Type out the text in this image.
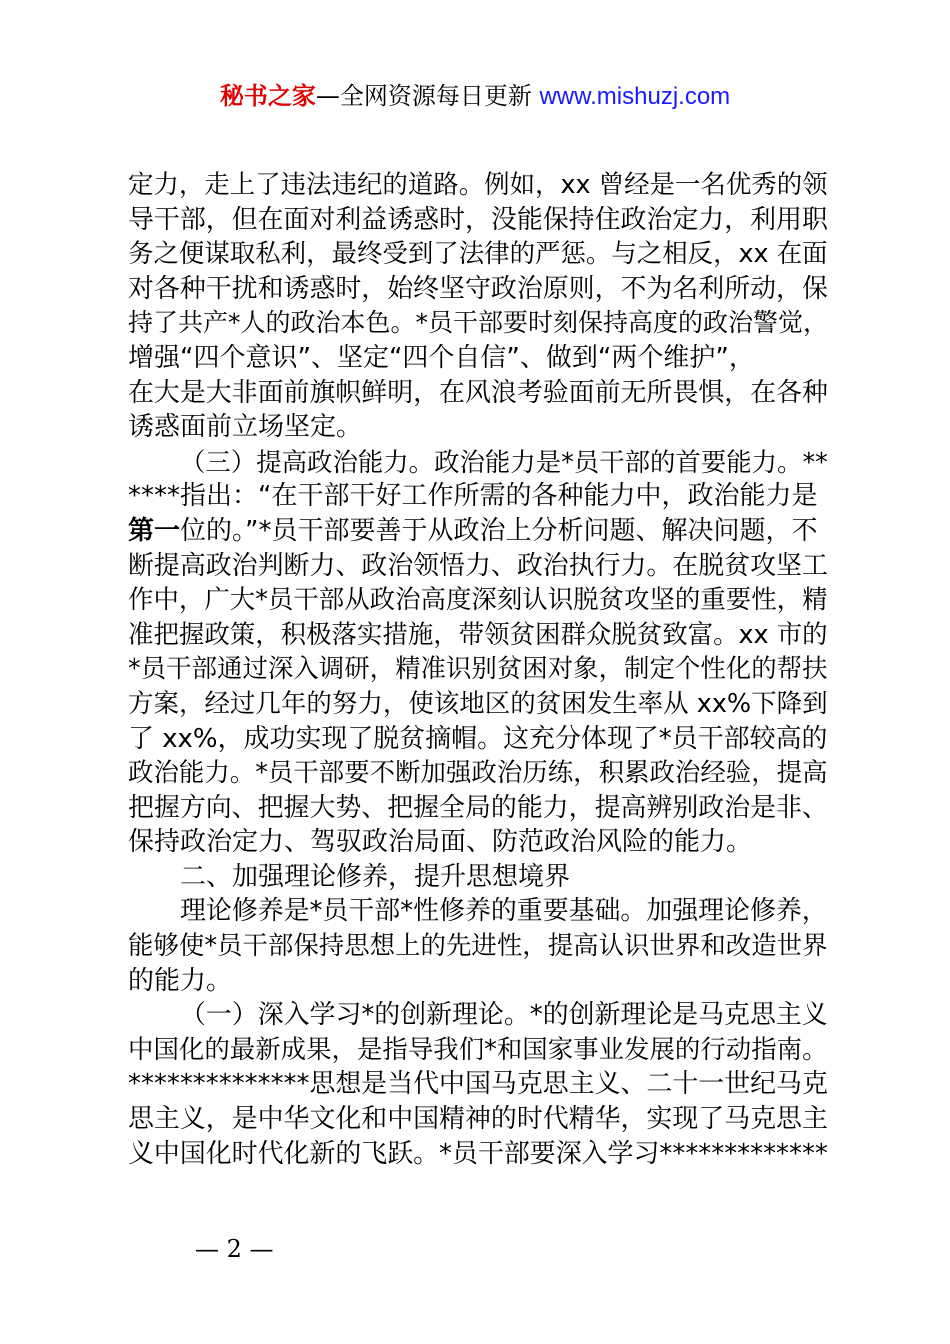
秘书之家—全网资源每日更新 www.mishuzj.com
定力，走上了违法违纪的道路。例如，xx 曾经是一名优秀的领
导干部，但在面对利益诱惑时，没能保持住政治定力，利用职
务之便谋取私利，最终受到了法律的严惩。与之相反，xx 在面
对各种干扰和诱惑时，始终坚守政治原则，不为名利所动，保
持了共产*人的政治本色。*员干部要时刻保持高度的政治警觉，
增强“四个意识”、坚定“四个自信”、做到“两个维护”，
在大是大非面前旗帜鲜明，在风浪考验面前无所畏惧，在各种
诱惑面前立场坚定。
（三）提高政治能力。政治能力是*员干部的首要能力。**
****指出：“在干部干好工作所需的各种能力中，政治能力是
第一位的。”*员干部要善于从政治上分析问题、解决问题，不
断提高政治判断力、政治领悟力、政治执行力。在脱贫攻坚工
作中，广大*员干部从政治高度深刻认识脱贫攻坚的重要性，精
准把握政策，积极落实措施，带领贫困群众脱贫致富。xx 市的
*员干部通过深入调研，精准识别贫困对象，制定个性化的帮扶
方案，经过几年的努力，使该地区的贫困发生率从 xx%下降到
了 xx%，成功实现了脱贫摘帽。这充分体现了*员干部较高的
政治能力。*员干部要不断加强政治历练，积累政治经验，提高
把握方向、把握大势、把握全局的能力，提高辨别政治是非、
保持政治定力、驾驭政治局面、防范政治风险的能力。
二、加强理论修养，提升思想境界
理论修养是*员干部*性修养的重要基础。加强理论修养，
能够使*员干部保持思想上的先进性，提高认识世界和改造世界
的能力。
（一）深入学习*的创新理论。*的创新理论是马克思主义
中国化的最新成果，是指导我们*和国家事业发展的行动指南。
**************思想是当代中国马克思主义、二十一世纪马克
思主义，是中华文化和中国精神的时代精华，实现了马克思主
义中国化时代化新的飞跃。*员干部要深入学习*************
— 2 —
